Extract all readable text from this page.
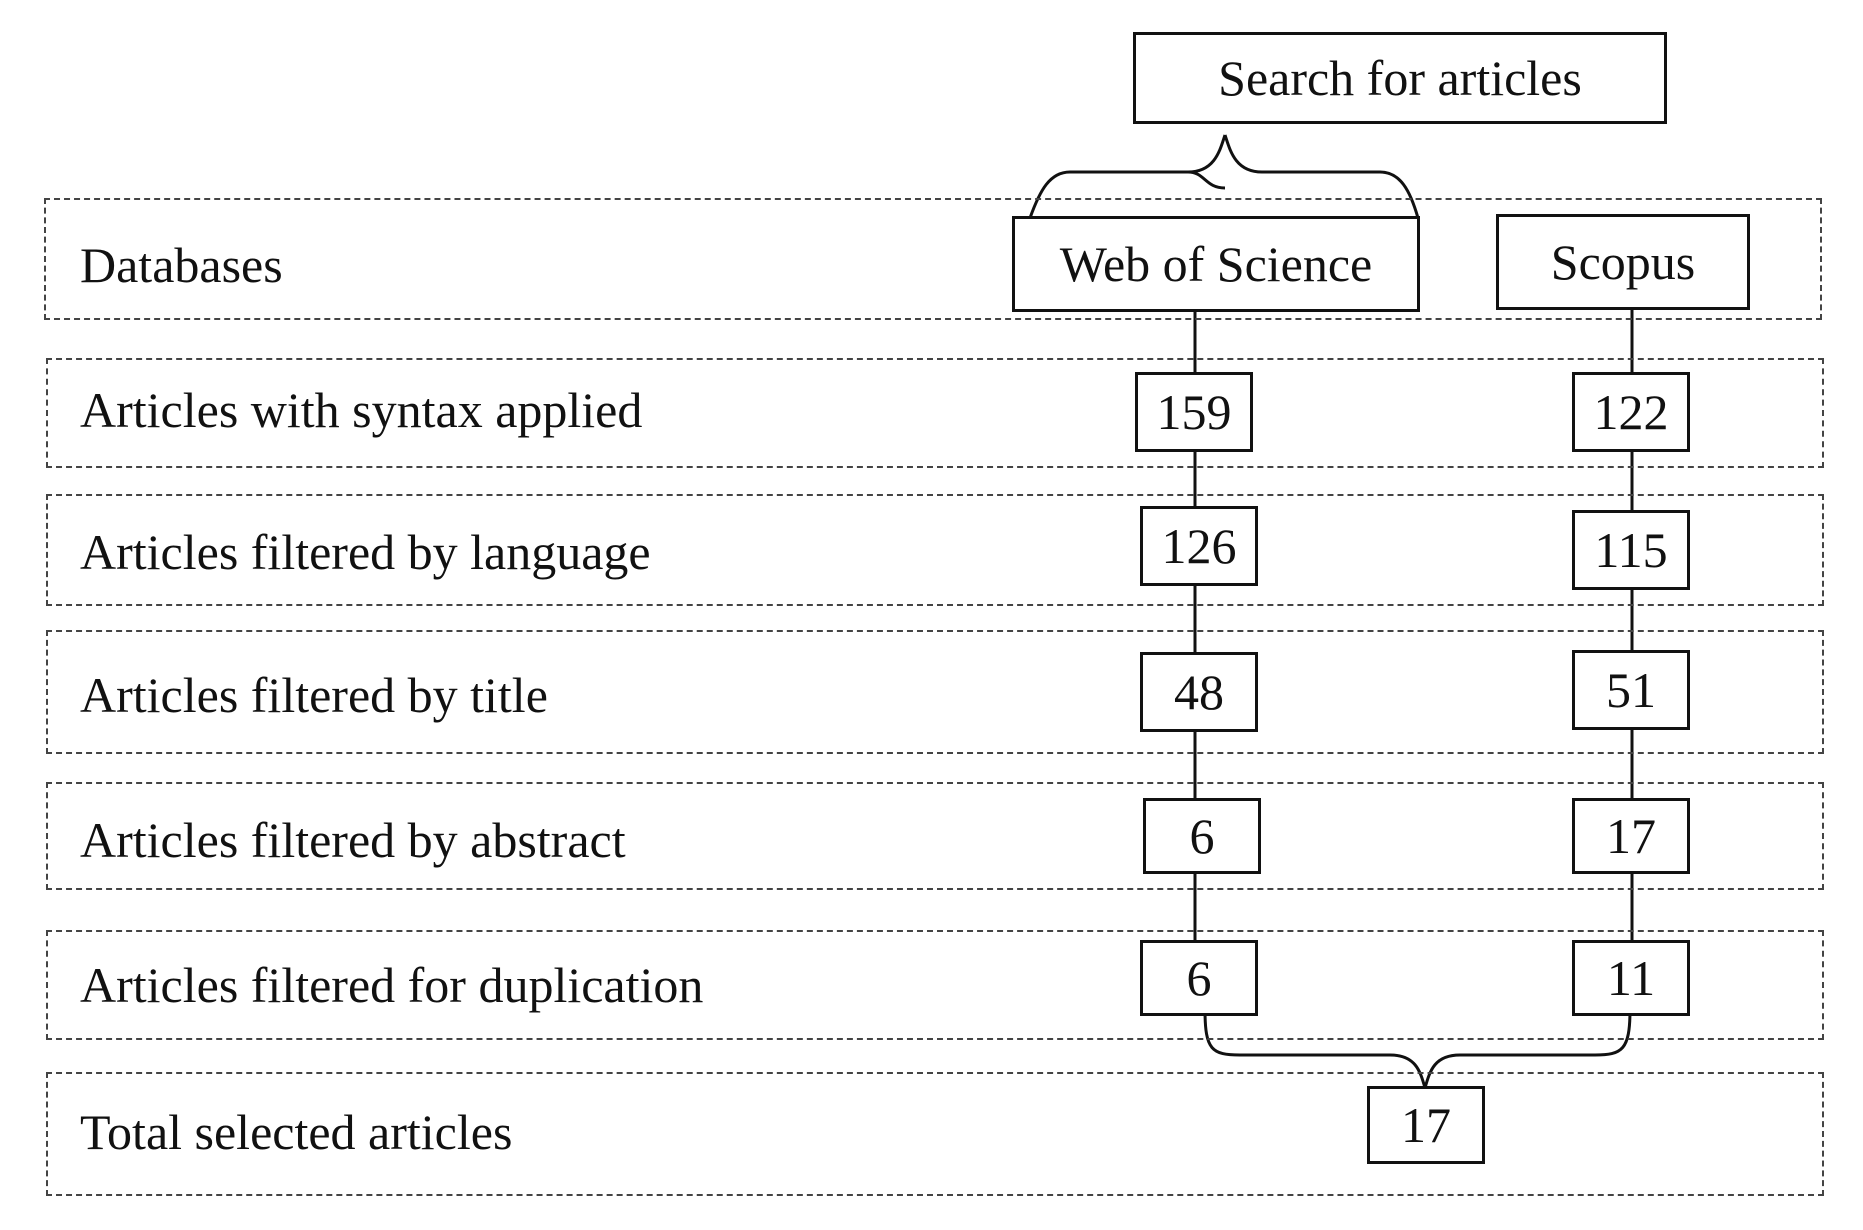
Search for articles
Databases	Web of Science	Scopus
Articles with syntax applied	159	122
Articles filtered by language	126	115
Articles filtered by title	48	51
Articles filtered by abstract	6	17
Articles filtered for duplication	6	11
Total selected articles	17
